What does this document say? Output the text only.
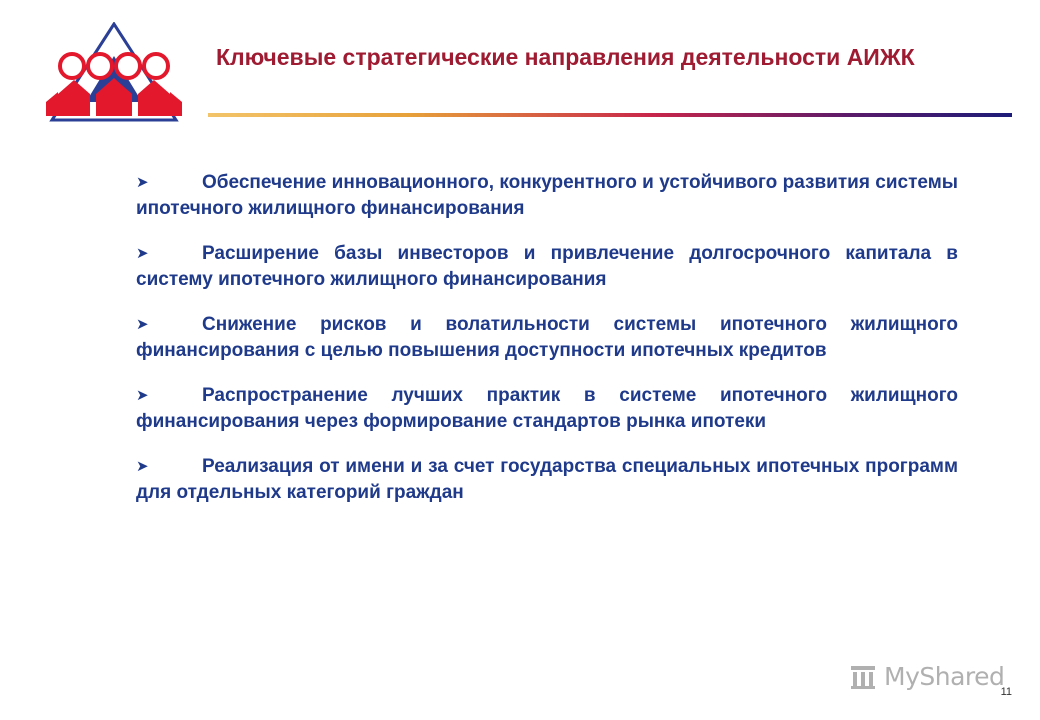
Ключевые стратегические направления деятельности АИЖК
➤	Обеспечение инновационного, конкурентного и устойчивого развития системы ипотечного жилищного финансирования
➤	Расширение базы инвесторов и привлечение долгосрочного капитала в систему ипотечного жилищного финансирования
➤	Снижение рисков и волатильности системы ипотечного жилищного финансирования с целью повышения доступности ипотечных кредитов
➤	Распространение лучших практик в системе ипотечного жилищного финансирования через формирование стандартов рынка ипотеки
➤	Реализация от имени и за счет государства специальных ипотечных программ для отдельных категорий граждан
MyShared
11
